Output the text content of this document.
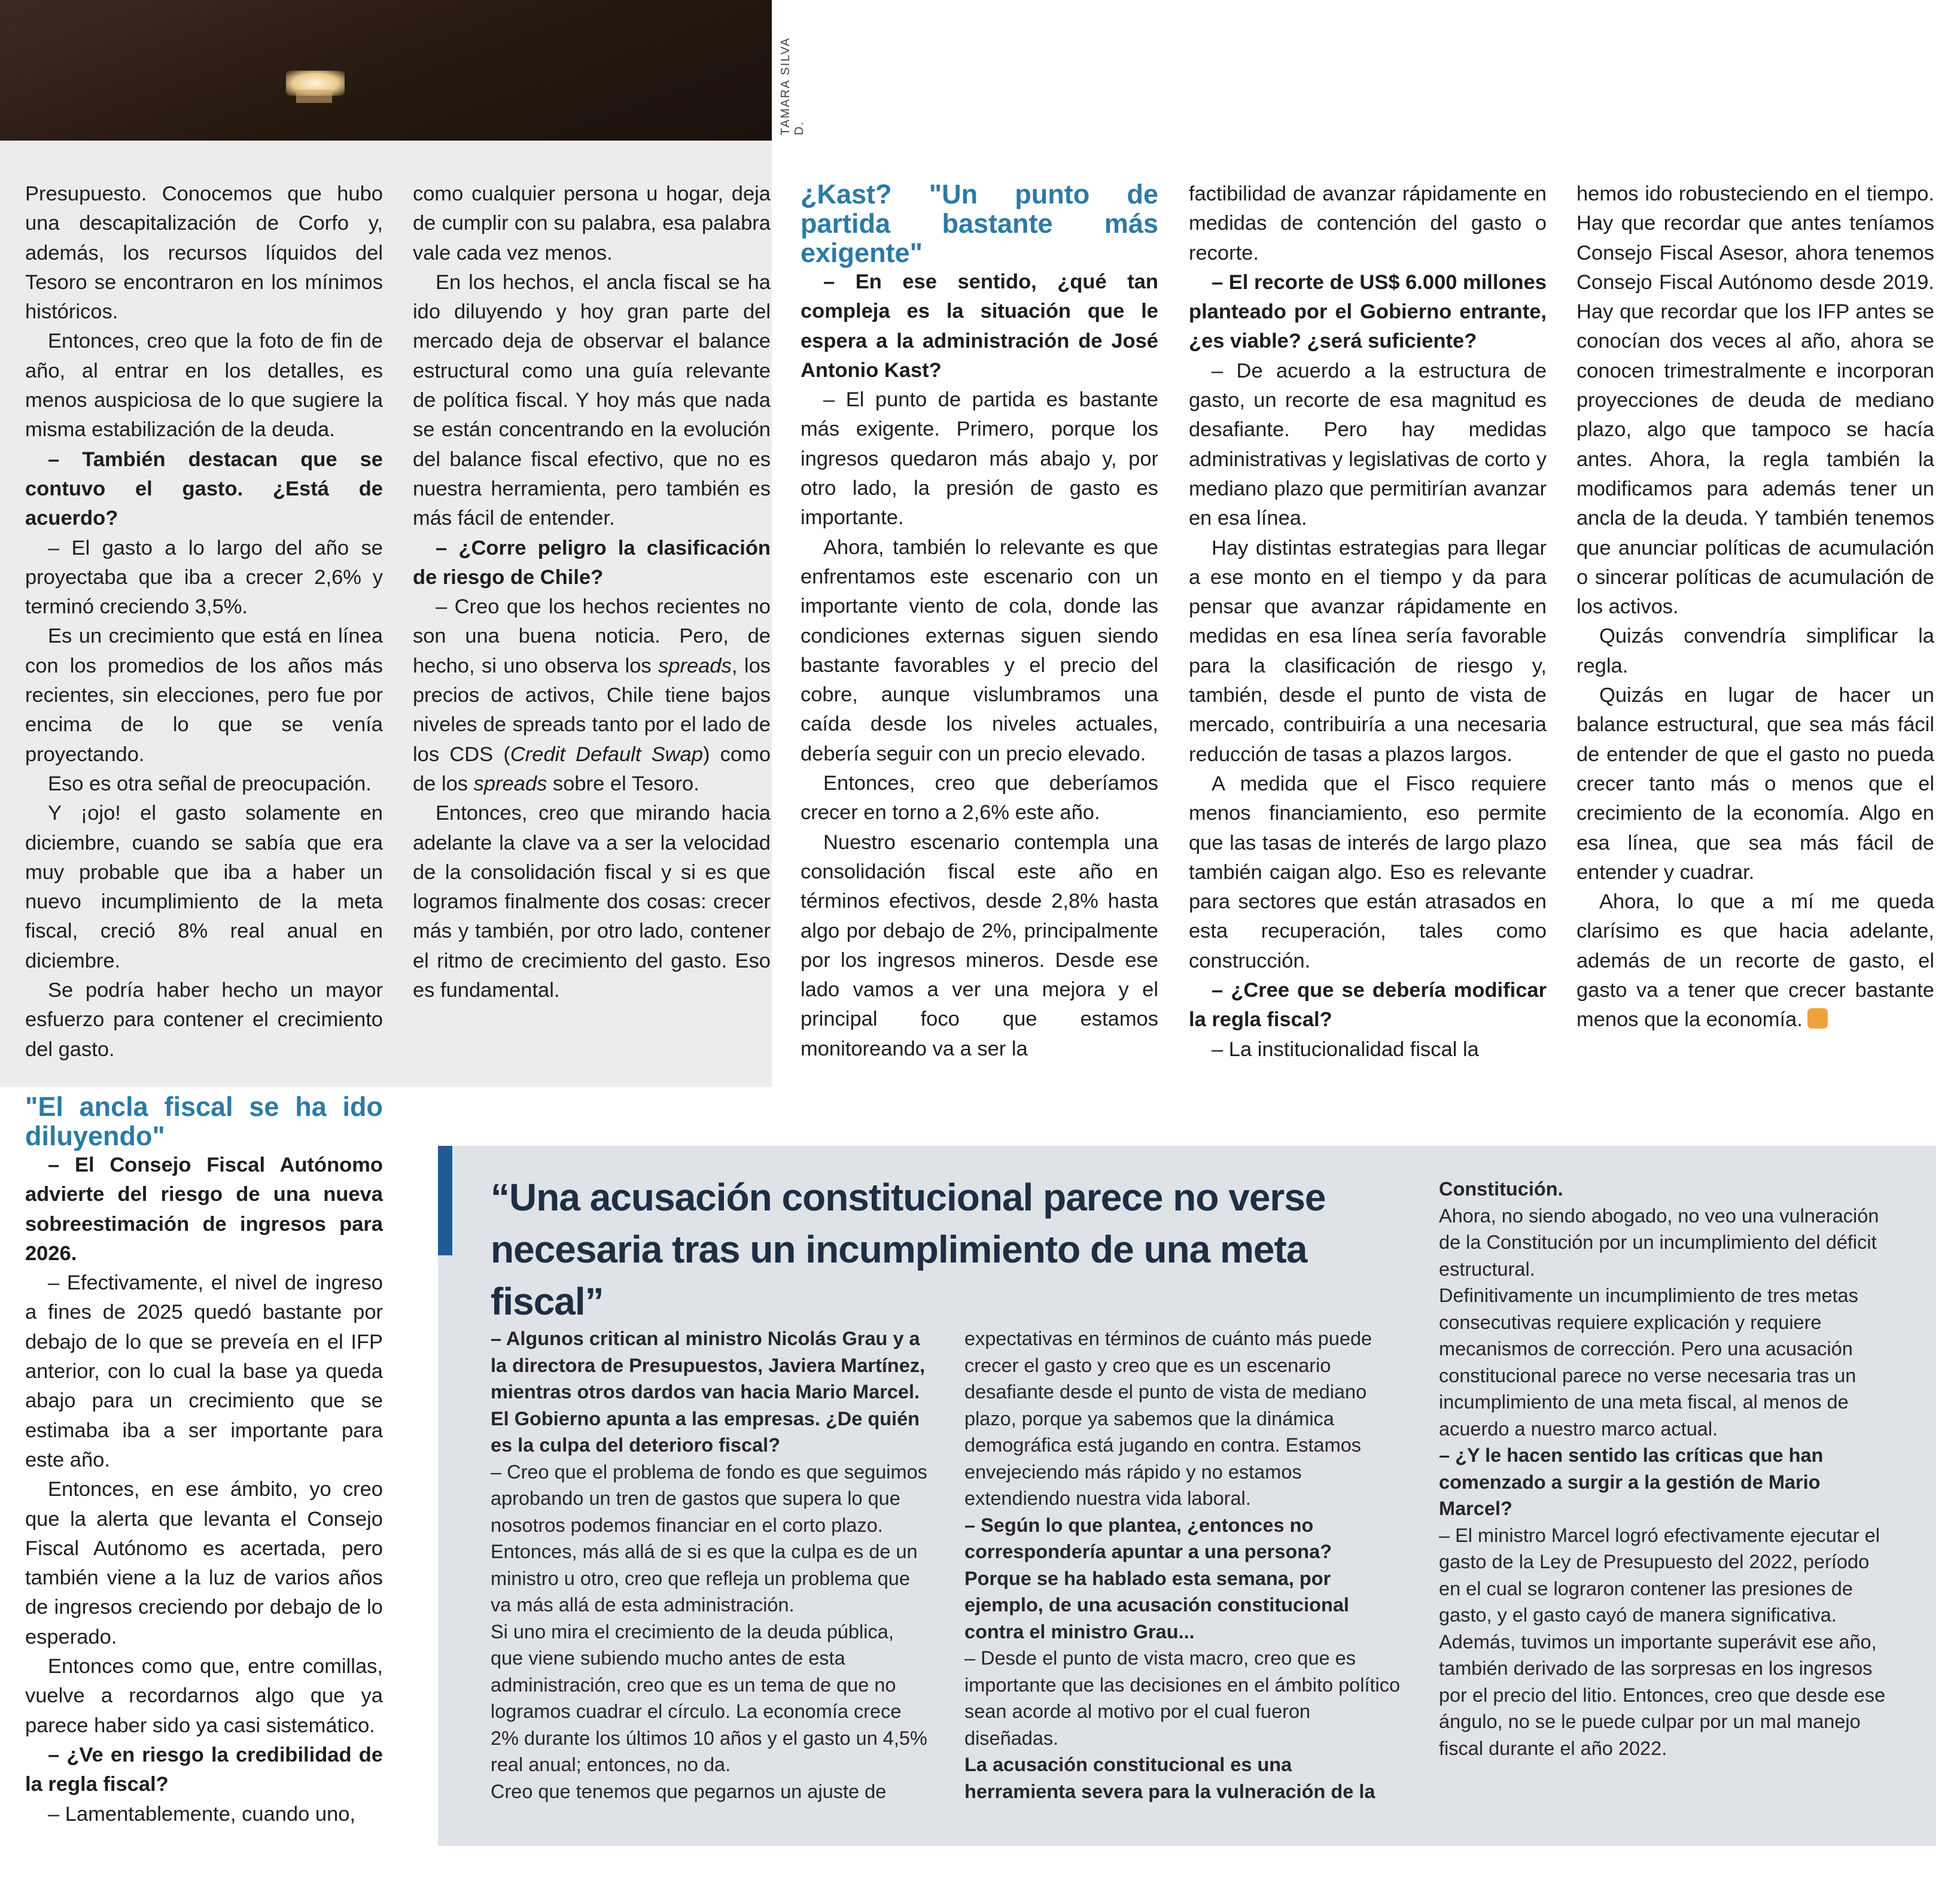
TAMARA SILVA D.

Presupuesto. Conocemos que hubo una descapitalización de Corfo y, además, los recursos líquidos del Tesoro se encontraron en los mínimos históricos.

Entonces, creo que la foto de fin de año, al entrar en los detalles, es menos auspiciosa de lo que sugiere la misma estabilización de la deuda.

– También destacan que se contuvo el gasto. ¿Está de acuerdo?

– El gasto a lo largo del año se proyectaba que iba a crecer 2,6% y terminó creciendo 3,5%.

Es un crecimiento que está en línea con los promedios de los años más recientes, sin elecciones, pero fue por encima de lo que se venía proyectando.

Eso es otra señal de preocupación.

Y ¡ojo! el gasto solamente en diciembre, cuando se sabía que era muy probable que iba a haber un nuevo incumplimiento de la meta fiscal, creció 8% real anual en diciembre.

Se podría haber hecho un mayor esfuerzo para contener el crecimiento del gasto.

como cualquier persona u hogar, deja de cumplir con su palabra, esa palabra vale cada vez menos.

En los hechos, el ancla fiscal se ha ido diluyendo y hoy gran parte del mercado deja de observar el balance estructural como una guía relevante de política fiscal. Y hoy más que nada se están concentrando en la evolución del balance fiscal efectivo, que no es nuestra herramienta, pero también es más fácil de entender.

– ¿Corre peligro la clasificación de riesgo de Chile?

– Creo que los hechos recientes no son una buena noticia. Pero, de hecho, si uno observa los spreads, los precios de activos, Chile tiene bajos niveles de spreads tanto por el lado de los CDS (Credit Default Swap) como de los spreads sobre el Tesoro.

Entonces, creo que mirando hacia adelante la clave va a ser la velocidad de la consolidación fiscal y si es que logramos finalmente dos cosas: crecer más y también, por otro lado, contener el ritmo de crecimiento del gasto. Eso es fundamental.

¿Kast? "Un punto de partida bastante más exigente"

– En ese sentido, ¿qué tan compleja es la situación que le espera a la administración de José Antonio Kast?

– El punto de partida es bastante más exigente. Primero, porque los ingresos quedaron más abajo y, por otro lado, la presión de gasto es importante.

Ahora, también lo relevante es que enfrentamos este escenario con un importante viento de cola, donde las condiciones externas siguen siendo bastante favorables y el precio del cobre, aunque vislumbramos una caída desde los niveles actuales, debería seguir con un precio elevado.

Entonces, creo que deberíamos crecer en torno a 2,6% este año.

Nuestro escenario contempla una consolidación fiscal este año en términos efectivos, desde 2,8% hasta algo por debajo de 2%, principalmente por los ingresos mineros. Desde ese lado vamos a ver una mejora y el principal foco que estamos monitoreando va a ser la

factibilidad de avanzar rápidamente en medidas de contención del gasto o recorte.

– El recorte de US$ 6.000 millones planteado por el Gobierno entrante, ¿es viable? ¿será suficiente?

– De acuerdo a la estructura de gasto, un recorte de esa magnitud es desafiante. Pero hay medidas administrativas y legislativas de corto y mediano plazo que permitirían avanzar en esa línea.

Hay distintas estrategias para llegar a ese monto en el tiempo y da para pensar que avanzar rápidamente en medidas en esa línea sería favorable para la clasificación de riesgo y, también, desde el punto de vista de mercado, contribuiría a una necesaria reducción de tasas a plazos largos.

A medida que el Fisco requiere menos financiamiento, eso permite que las tasas de interés de largo plazo también caigan algo. Eso es relevante para sectores que están atrasados en esta recuperación, tales como construcción.

– ¿Cree que se debería modificar la regla fiscal?

– La institucionalidad fiscal la

hemos ido robusteciendo en el tiempo. Hay que recordar que antes teníamos Consejo Fiscal Asesor, ahora tenemos Consejo Fiscal Autónomo desde 2019. Hay que recordar que los IFP antes se conocían dos veces al año, ahora se conocen trimestralmente e incorporan proyecciones de deuda de mediano plazo, algo que tampoco se hacía antes. Ahora, la regla también la modificamos para además tener un ancla de la deuda. Y también tenemos que anunciar políticas de acumulación o sincerar políticas de acumulación de los activos.

Quizás convendría simplificar la regla.

Quizás en lugar de hacer un balance estructural, que sea más fácil de entender de que el gasto no pueda crecer tanto más o menos que el crecimiento de la economía. Algo en esa línea, que sea más fácil de entender y cuadrar.

Ahora, lo que a mí me queda clarísimo es que hacia adelante, además de un recorte de gasto, el gasto va a tener que crecer bastante menos que la economía.S

"El ancla fiscal se ha ido diluyendo"

– El Consejo Fiscal Autónomo advierte del riesgo de una nueva sobreestimación de ingresos para 2026.

– Efectivamente, el nivel de ingreso a fines de 2025 quedó bastante por debajo de lo que se preveía en el IFP anterior, con lo cual la base ya queda abajo para un crecimiento que se estimaba iba a ser importante para este año.

Entonces, en ese ámbito, yo creo que la alerta que levanta el Consejo Fiscal Autónomo es acertada, pero también viene a la luz de varios años de ingresos creciendo por debajo de lo esperado.

Entonces como que, entre comillas, vuelve a recordarnos algo que ya parece haber sido ya casi sistemático.

– ¿Ve en riesgo la credibilidad de la regla fiscal?

– Lamentablemente, cuando uno,

“Una acusación constitucional parece no verse necesaria tras un incumplimiento de una meta fiscal”

– Algunos critican al ministro Nicolás Grau y a la directora de Presupuestos, Javiera Martínez, mientras otros dardos van hacia Mario Marcel. El Gobierno apunta a las empresas. ¿De quién es la culpa del deterioro fiscal?

– Creo que el problema de fondo es que seguimos aprobando un tren de gastos que supera lo que nosotros podemos financiar en el corto plazo.

Entonces, más allá de si es que la culpa es de un ministro u otro, creo que refleja un problema que va más allá de esta administración.

Si uno mira el crecimiento de la deuda pública, que viene subiendo mucho antes de esta administración, creo que es un tema de que no logramos cuadrar el círculo. La economía crece 2% durante los últimos 10 años y el gasto un 4,5% real anual; entonces, no da.

Creo que tenemos que pegarnos un ajuste de

expectativas en términos de cuánto más puede crecer el gasto y creo que es un escenario desafiante desde el punto de vista de mediano plazo, porque ya sabemos que la dinámica demográfica está jugando en contra. Estamos envejeciendo más rápido y no estamos extendiendo nuestra vida laboral.

– Según lo que plantea, ¿entonces no correspondería apuntar a una persona? Porque se ha hablado esta semana, por ejemplo, de una acusación constitucional contra el ministro Grau...

– Desde el punto de vista macro, creo que es importante que las decisiones en el ámbito político sean acorde al motivo por el cual fueron diseñadas.

La acusación constitucional es una herramienta severa para la vulneración de la

Constitución.

Ahora, no siendo abogado, no veo una vulneración de la Constitución por un incumplimiento del déficit estructural.

Definitivamente un incumplimiento de tres metas consecutivas requiere explicación y requiere mecanismos de corrección. Pero una acusación constitucional parece no verse necesaria tras un incumplimiento de una meta fiscal, al menos de acuerdo a nuestro marco actual.

– ¿Y le hacen sentido las críticas que han comenzado a surgir a la gestión de Mario Marcel?

– El ministro Marcel logró efectivamente ejecutar el gasto de la Ley de Presupuesto del 2022, período en el cual se lograron contener las presiones de gasto, y el gasto cayó de manera significativa. Además, tuvimos un importante superávit ese año, también derivado de las sorpresas en los ingresos por el precio del litio. Entonces, creo que desde ese ángulo, no se le puede culpar por un mal manejo fiscal durante el año 2022.
